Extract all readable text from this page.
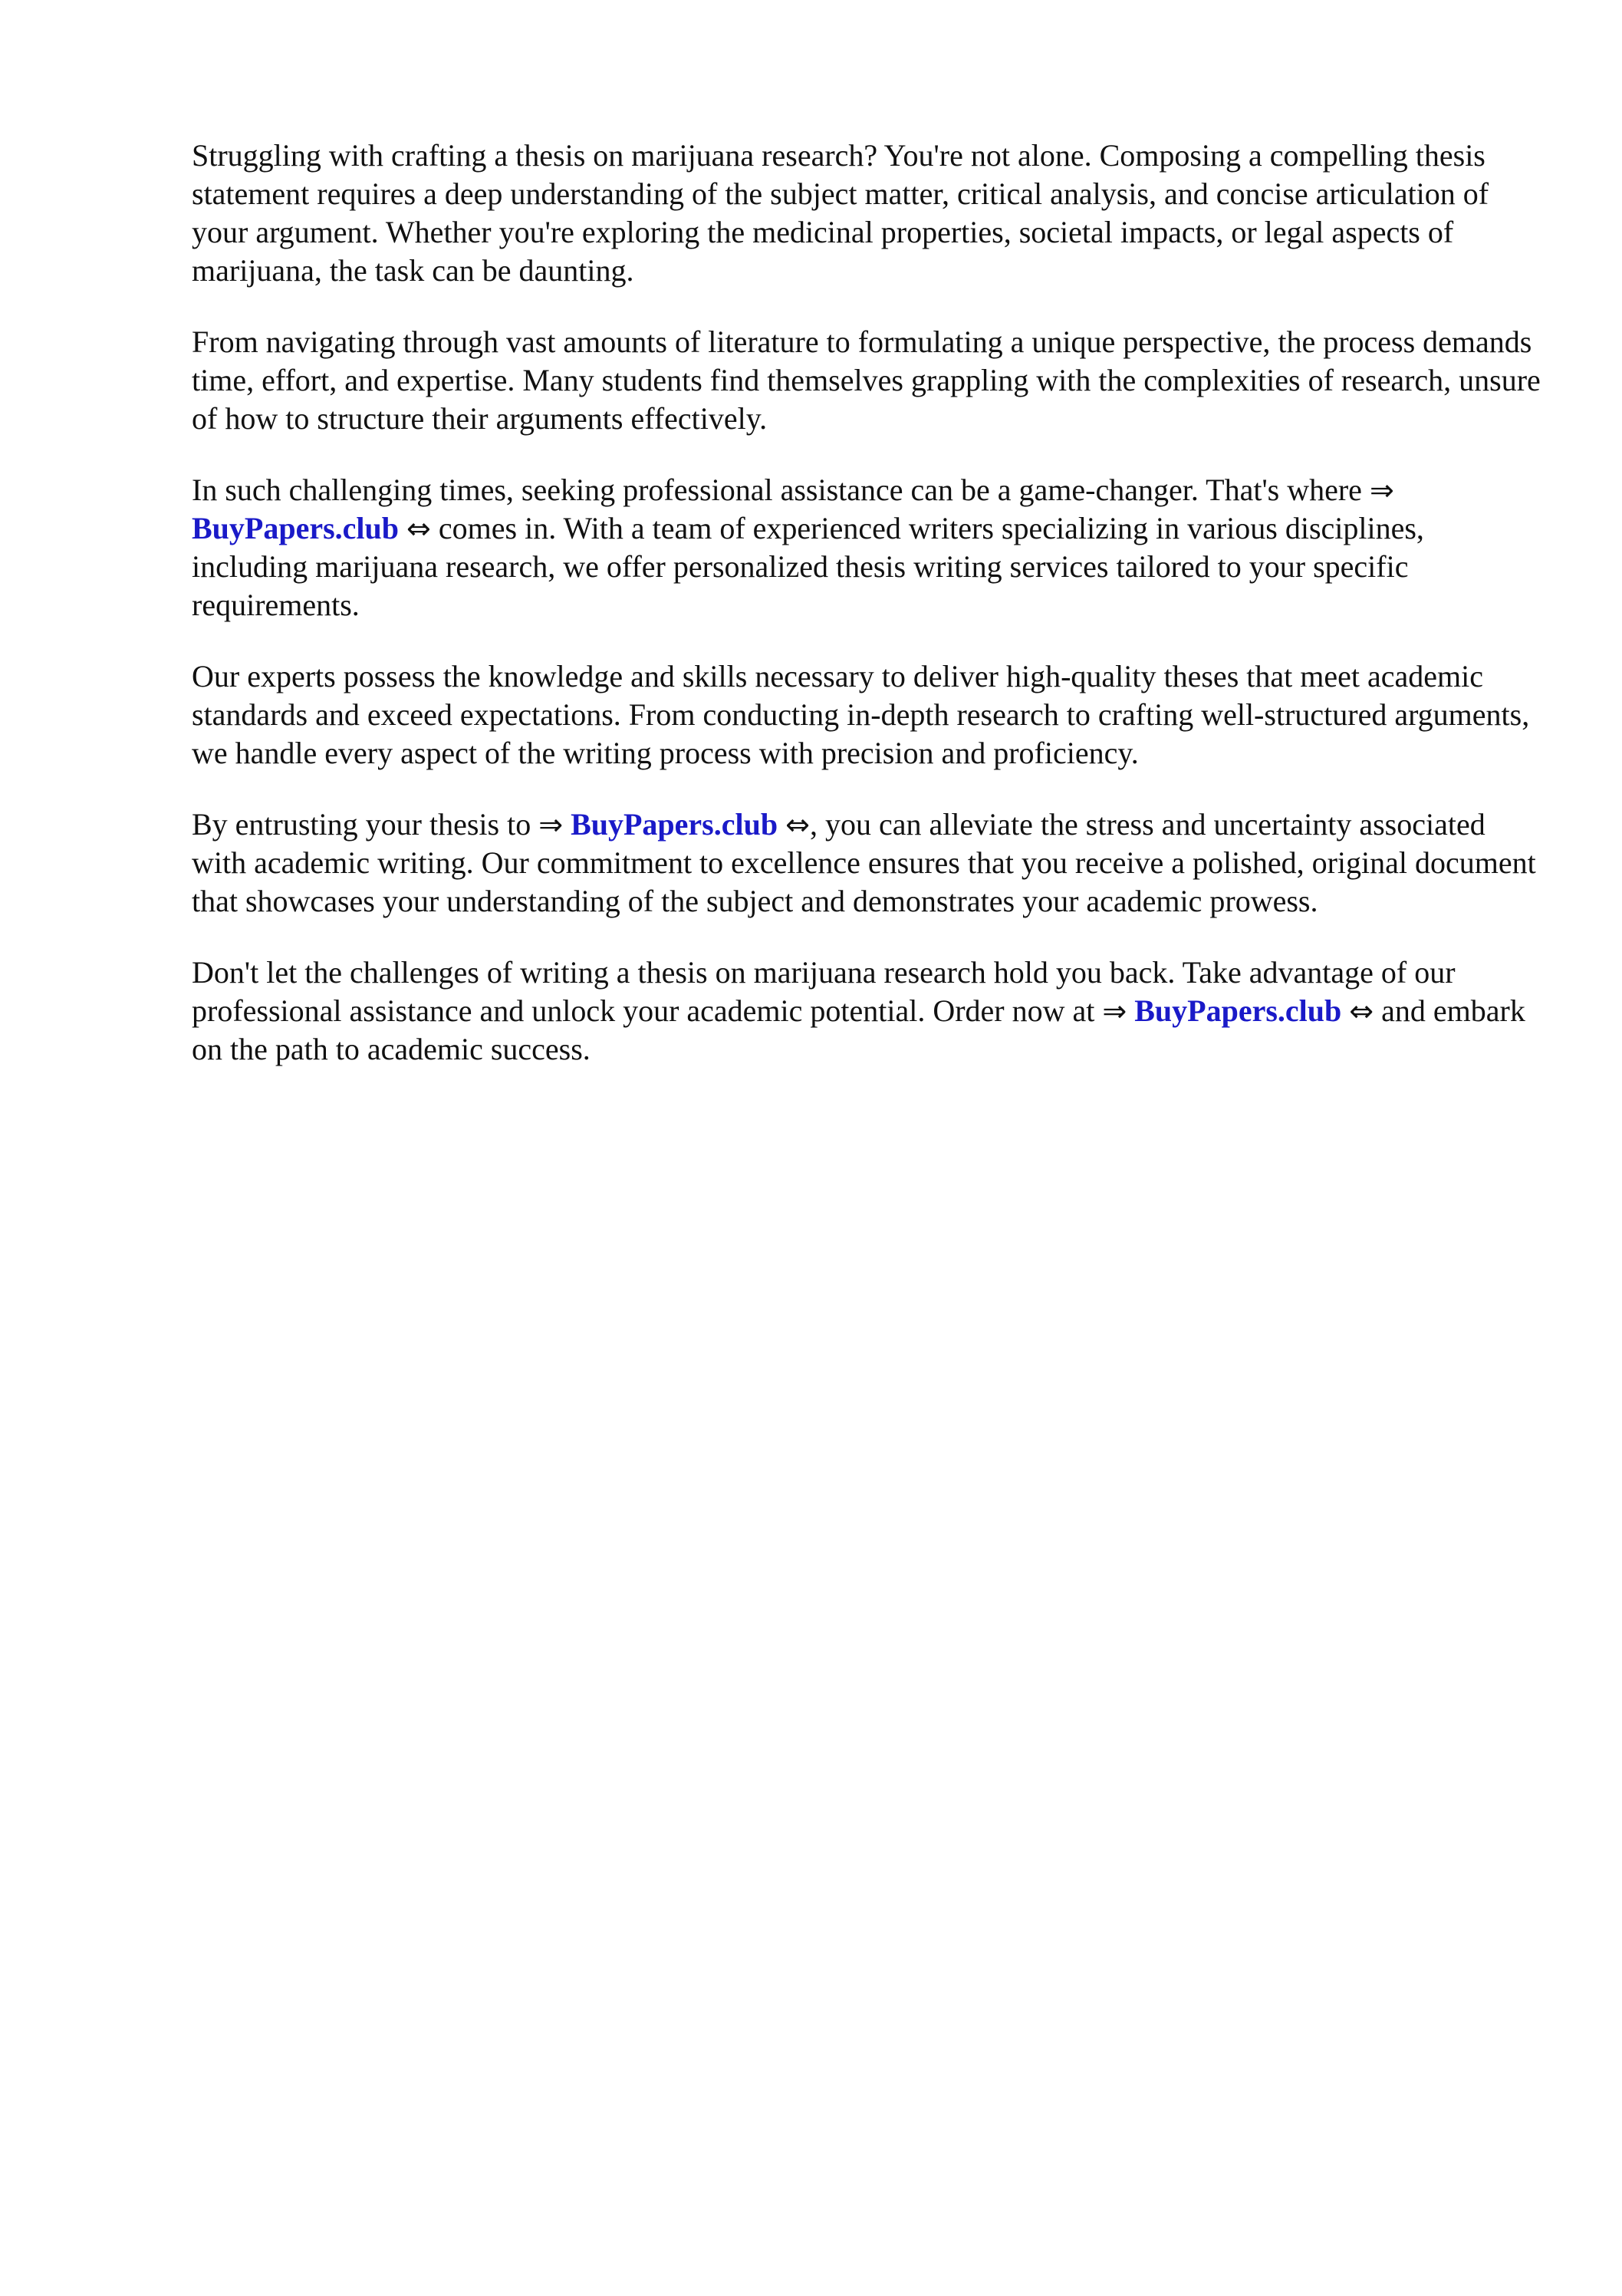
Struggling with crafting a thesis on marijuana research? You're not alone. Composing a compelling thesis statement requires a deep understanding of the subject matter, critical analysis, and concise articulation of your argument. Whether you're exploring the medicinal properties, societal impacts, or legal aspects of marijuana, the task can be daunting.

From navigating through vast amounts of literature to formulating a unique perspective, the process demands time, effort, and expertise. Many students find themselves grappling with the complexities of research, unsure of how to structure their arguments effectively.

In such challenging times, seeking professional assistance can be a game-changer. That's where ⇒ BuyPapers.club ⇔ comes in. With a team of experienced writers specializing in various disciplines, including marijuana research, we offer personalized thesis writing services tailored to your specific requirements.

Our experts possess the knowledge and skills necessary to deliver high-quality theses that meet academic standards and exceed expectations. From conducting in-depth research to crafting well-structured arguments, we handle every aspect of the writing process with precision and proficiency.

By entrusting your thesis to ⇒ BuyPapers.club ⇔, you can alleviate the stress and uncertainty associated with academic writing. Our commitment to excellence ensures that you receive a polished, original document that showcases your understanding of the subject and demonstrates your academic prowess.

Don't let the challenges of writing a thesis on marijuana research hold you back. Take advantage of our professional assistance and unlock your academic potential. Order now at ⇒ BuyPapers.club ⇔ and embark on the path to academic success.
